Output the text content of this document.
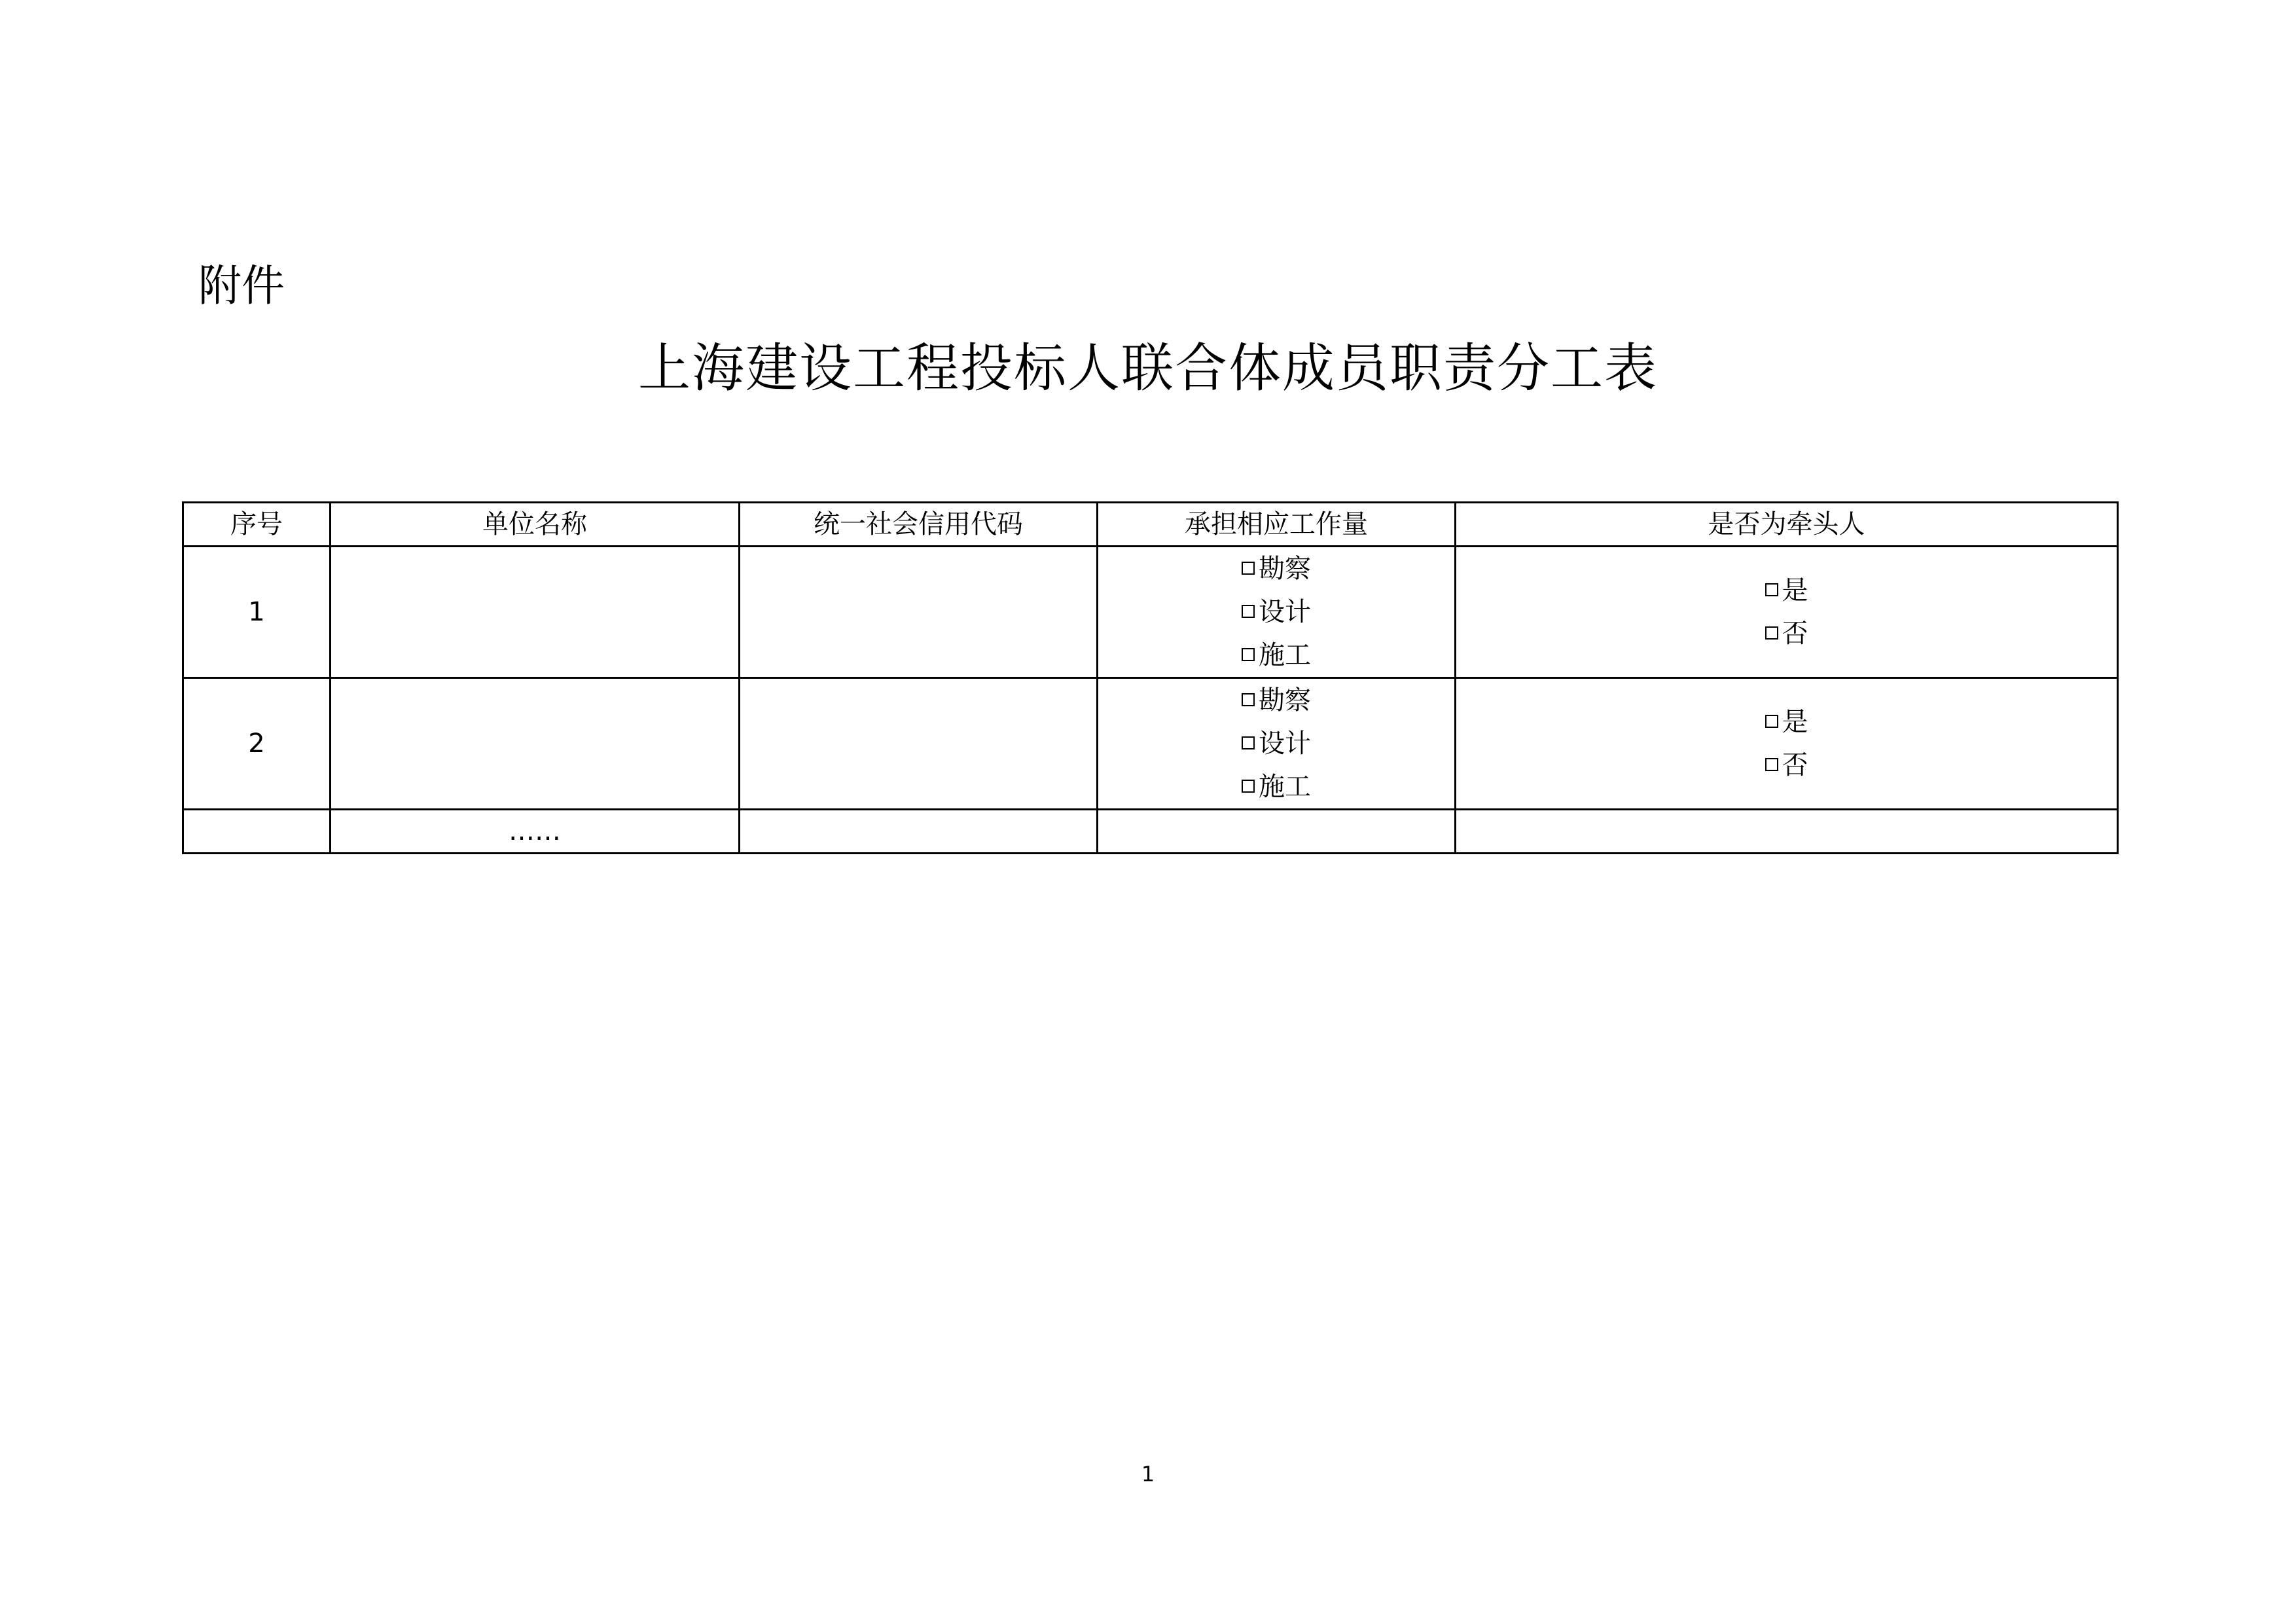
附件
上海建设工程投标人联合体成员职责分工表
序号	单位名称	统一社会信用代码	承担相应工作量	是否为牵头人
1			勘察
设计
施工	是
否

2			勘察
设计
施工	是
否

	……			
1
